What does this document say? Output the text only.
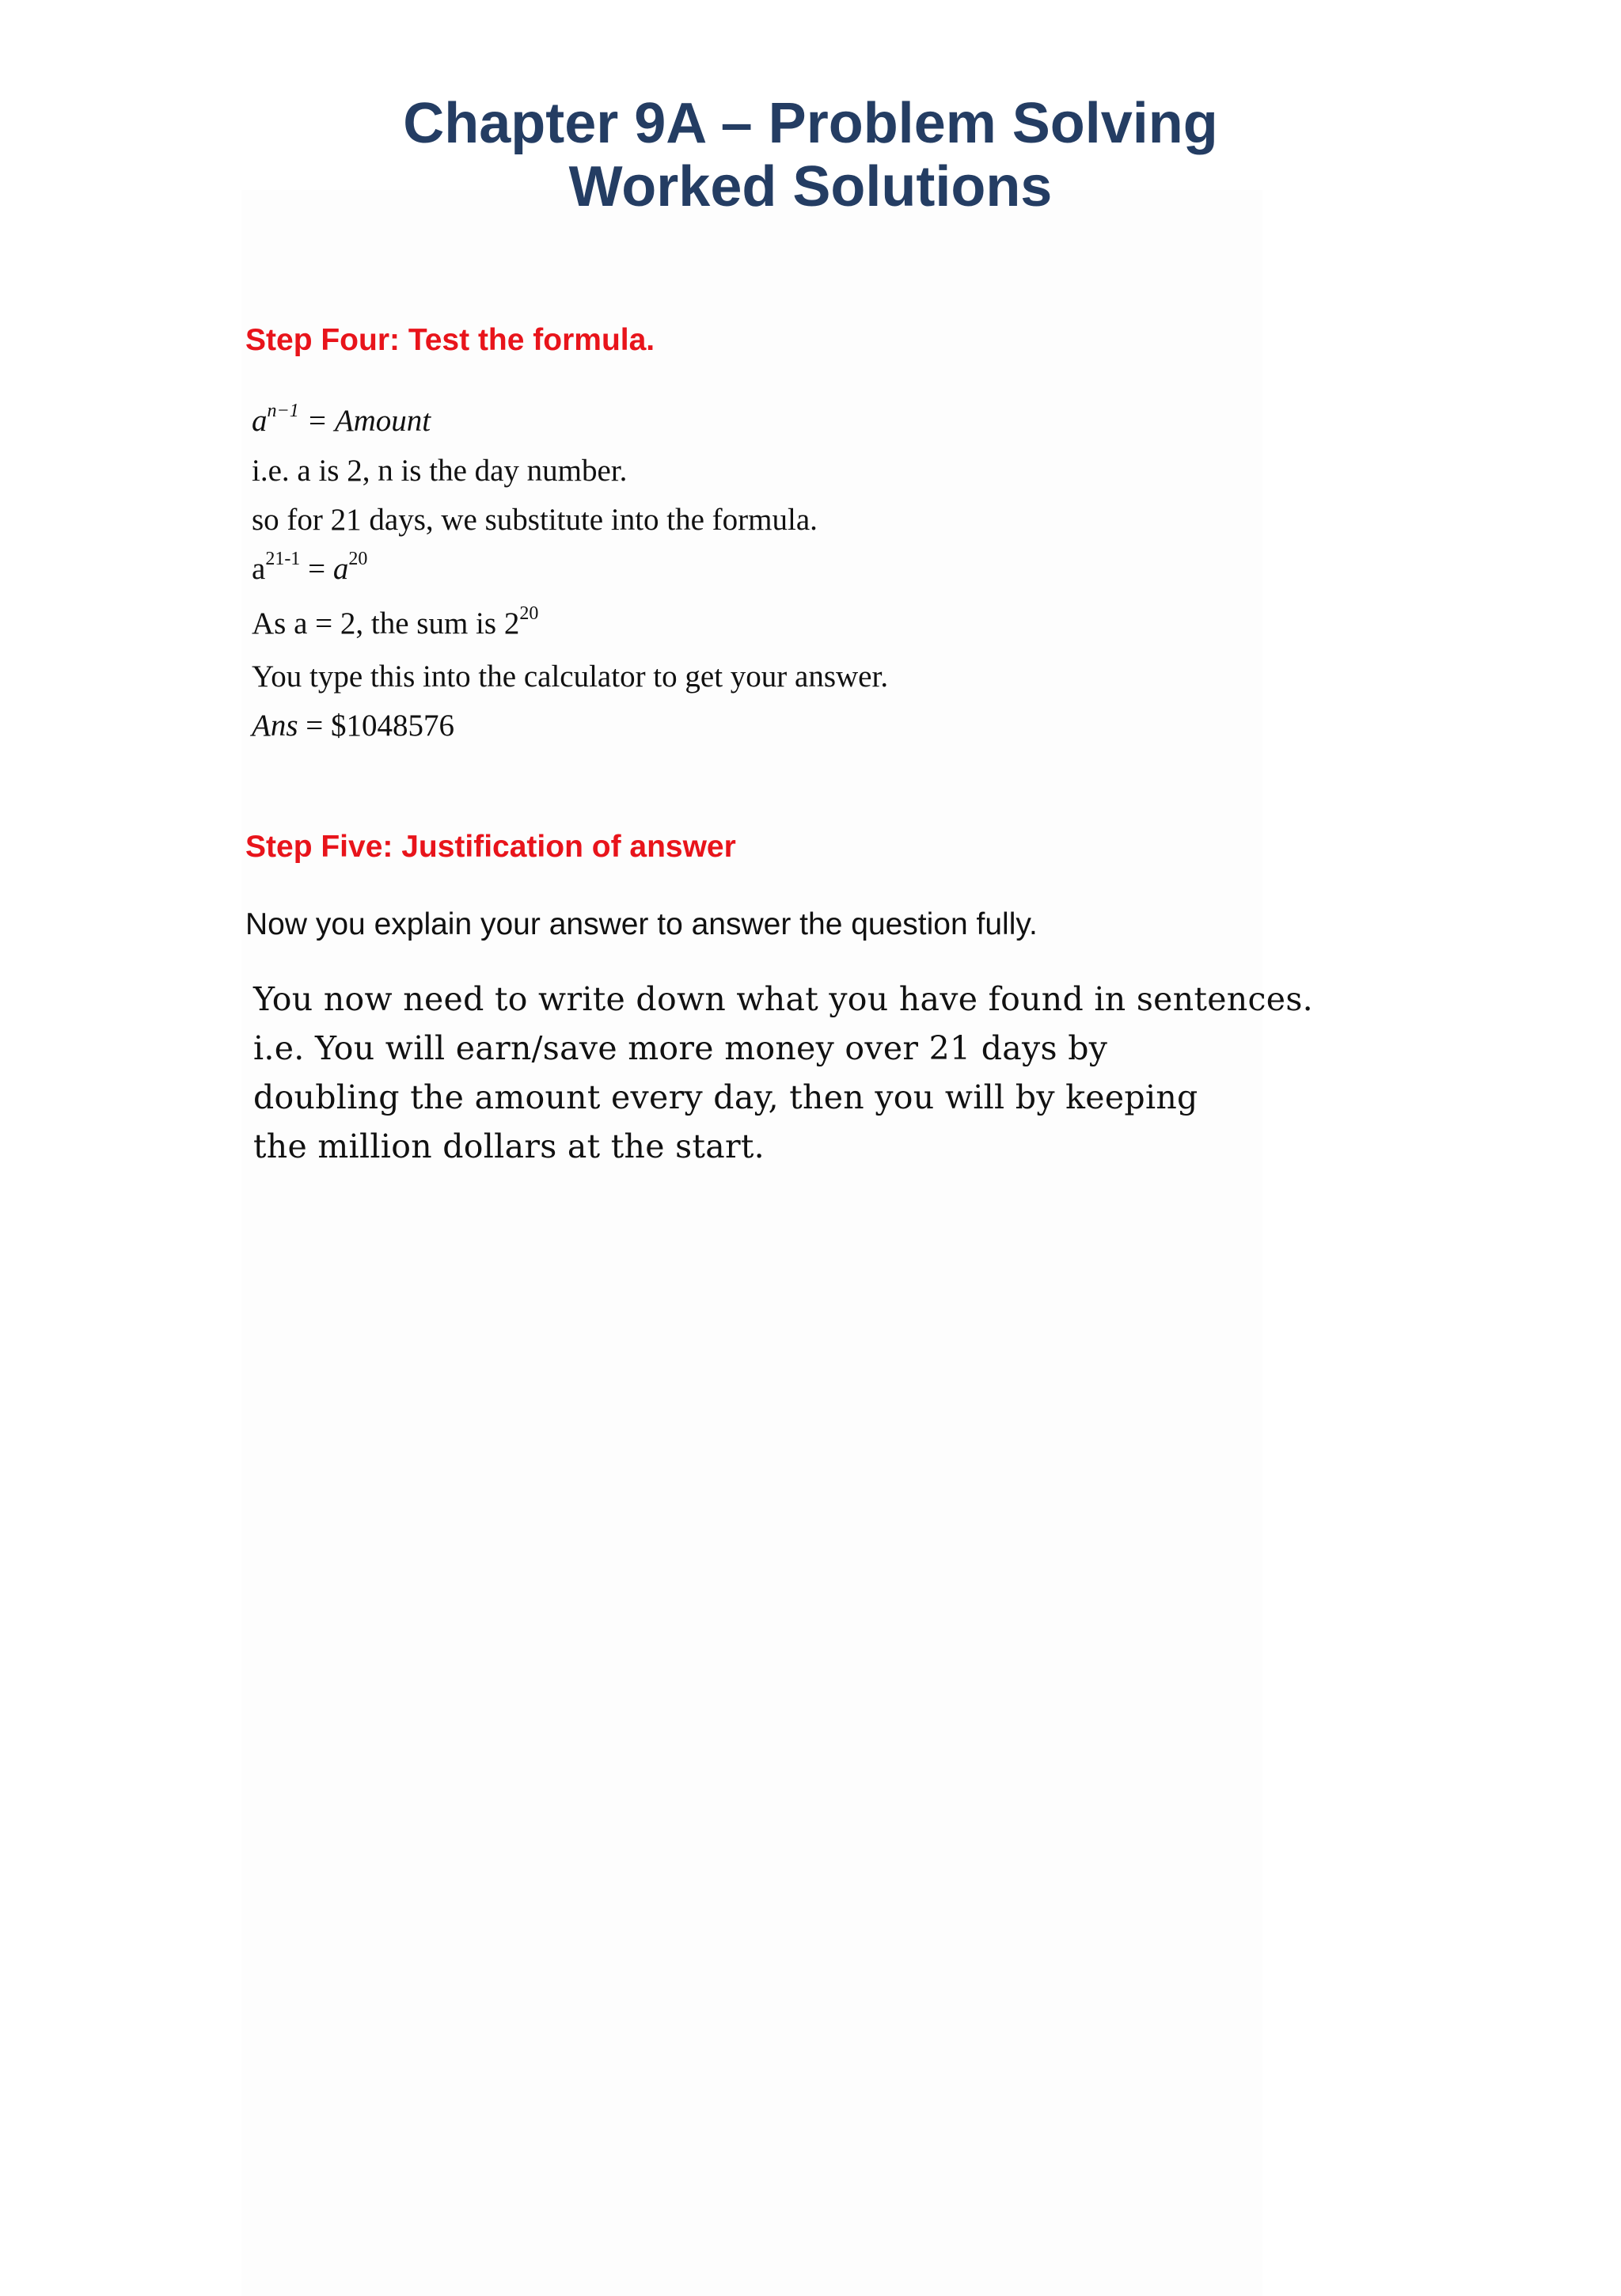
Chapter 9A – Problem Solving
Worked Solutions
Step Four: Test the formula.

$a^{n-1}$ = Amount

i.e. a is 2, n is the day number.

so for 21 days, we substitute into the formula.

$a^{21-1} = a^{20}$

As a = 2, the sum is $2^{20}$

You type this into the calculator to get your answer.

Ans = $1048576

Step Five: Justification of answer

Now you explain your answer to answer the question fully.

You now need to write down what you have found in sentences.

i.e. You will earn/save more money over 21 days by

doubling the amount every day, then you will by keeping

the million dollars at the start.
